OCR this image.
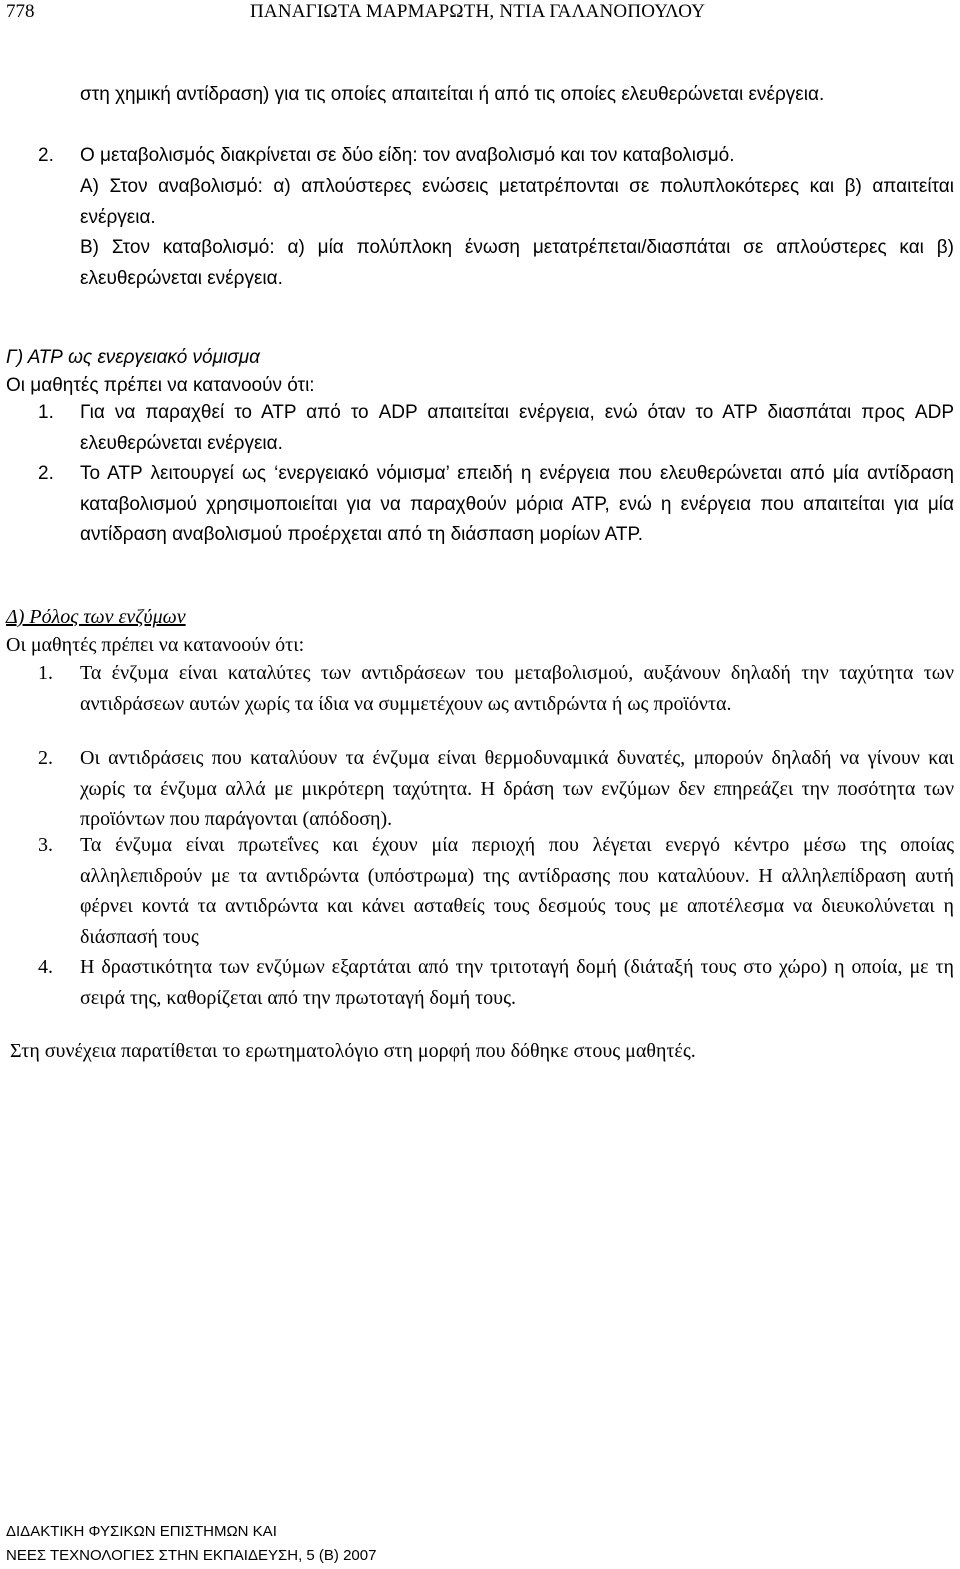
778	ΠΑΝΑΓΙΩΤΑ ΜΑΡΜΑΡΩΤΗ, ΝΤΙΑ ΓΑΛΑΝΟΠΟΥΛΟΥ
στη χημική αντίδραση) για τις οποίες απαιτείται ή από τις οποίες ελευθερώνεται ενέργεια.
2. Ο μεταβολισμός διακρίνεται σε δύο είδη: τον αναβολισμό και τον καταβολισμό.
Α) Στον αναβολισμό: α) απλούστερες ενώσεις μετατρέπονται σε πολυπλοκότερες και β) απαιτείται ενέργεια.
Β) Στον καταβολισμό: α) μία πολύπλοκη ένωση μετατρέπεται/διασπάται σε απλούστερες και β) ελευθερώνεται ενέργεια.
Γ) ΑΤΡ ως ενεργειακό νόμισμα
Οι μαθητές πρέπει να κατανοούν ότι:
1. Για να παραχθεί το ΑΤΡ από το ADP απαιτείται ενέργεια, ενώ όταν το ΑΤΡ διασπάται προς ADP ελευθερώνεται ενέργεια.
2. Το ΑΤΡ λειτουργεί ως ‘ενεργειακό νόμισμα’ επειδή η ενέργεια που ελευθερώνεται από μία αντίδραση καταβολισμού χρησιμοποιείται για να παραχθούν μόρια ΑΤΡ, ενώ η ενέργεια που απαιτείται για μία αντίδραση αναβολισμού προέρχεται από τη διάσπαση μορίων ΑΤΡ.
Δ) Ρόλος των ενζύμων
Οι μαθητές πρέπει να κατανοούν ότι:
1. Τα ένζυμα είναι καταλύτες των αντιδράσεων του μεταβολισμού, αυξάνουν δηλαδή την ταχύτητα των αντιδράσεων αυτών χωρίς τα ίδια να συμμετέχουν ως αντιδρώντα ή ως προϊόντα.
2. Οι αντιδράσεις που καταλύουν τα ένζυμα είναι θερμοδυναμικά δυνατές, μπορούν δηλαδή να γίνουν και χωρίς τα ένζυμα αλλά με μικρότερη ταχύτητα. Η δράση των ενζύμων δεν επηρεάζει την ποσότητα των προϊόντων που παράγονται (απόδοση).
3. Τα ένζυμα είναι πρωτεΐνες και έχουν μία περιοχή που λέγεται ενεργό κέντρο μέσω της οποίας αλληλεπιδρούν με τα αντιδρώντα (υπόστρωμα) της αντίδρασης που καταλύουν. Η αλληλεπίδραση αυτή φέρνει κοντά τα αντιδρώντα και κάνει ασταθείς τους δεσμούς τους με αποτέλεσμα να διευκολύνεται η διάσπασή τους
4. Η δραστικότητα των ενζύμων εξαρτάται από την τριτοταγή δομή (διάταξή τους στο χώρο) η οποία, με τη σειρά της, καθορίζεται από την πρωτοταγή δομή τους.
Στη συνέχεια παρατίθεται το ερωτηματολόγιο στη μορφή που δόθηκε στους μαθητές.
ΔΙΔΑΚΤΙΚΗ ΦΥΣΙΚΩΝ ΕΠΙΣΤΗΜΩΝ ΚΑΙ
ΝΕΕΣ ΤΕΧΝΟΛΟΓΙΕΣ ΣΤΗΝ ΕΚΠΑΙΔΕΥΣΗ, 5 (Β) 2007
